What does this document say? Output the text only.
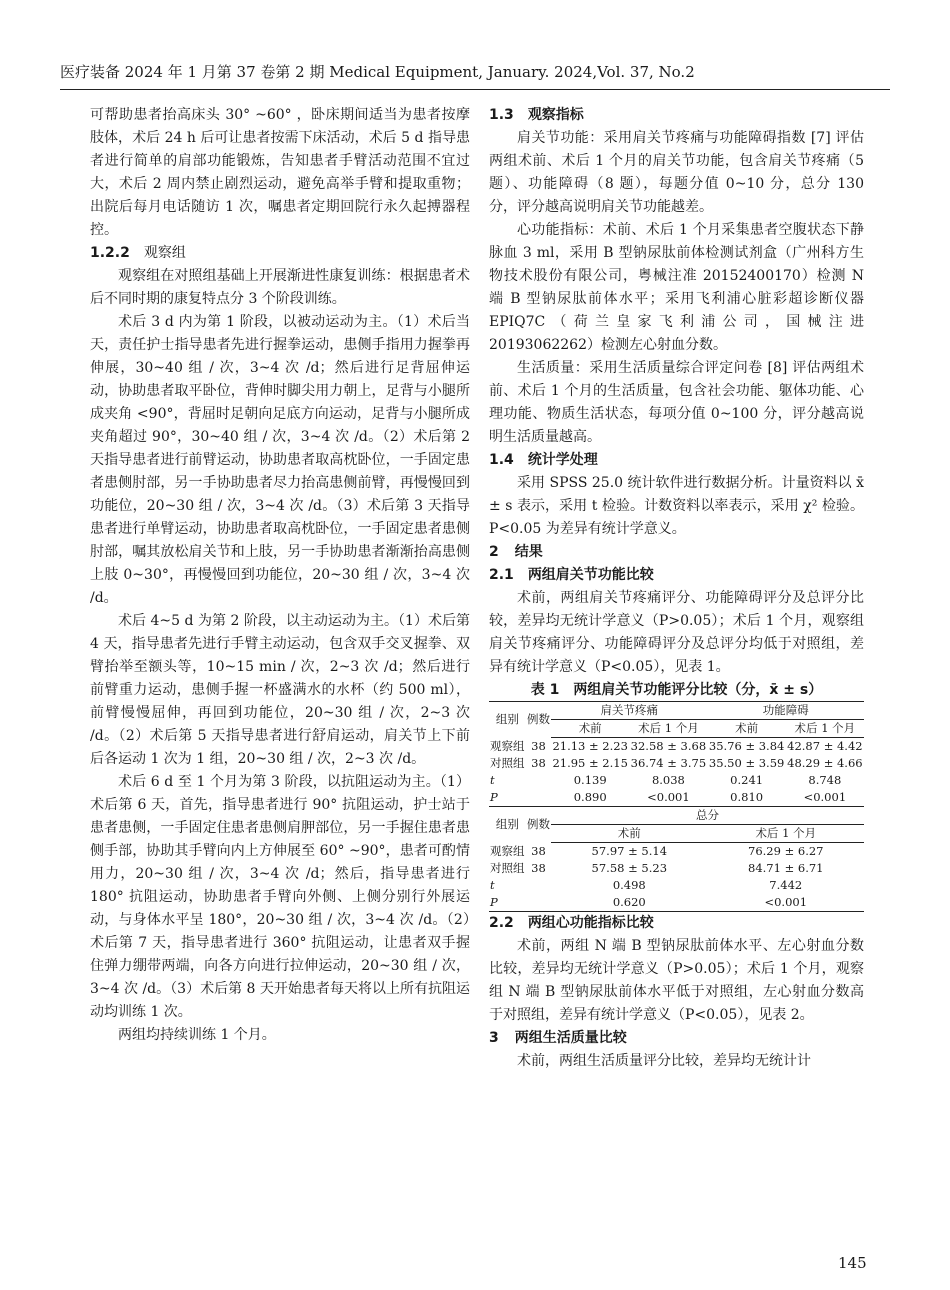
医疗装备 2024 年 1 月第 37 卷第 2 期 Medical Equipment, January. 2024,Vol. 37, No.2

可帮助患者抬高床头 30° ~60° ，卧床期间适当为患者按摩肢体，术后 24 h 后可让患者按需下床活动，术后 5 d 指导患者进行简单的肩部功能锻炼，告知患者手臂活动范围不宜过大，术后 2 周内禁止剧烈运动，避免高举手臂和提取重物；出院后每月电话随访 1 次，嘱患者定期回院行永久起搏器程控。

1.2.2 观察组

观察组在对照组基础上开展渐进性康复训练：根据患者术后不同时期的康复特点分 3 个阶段训练。

术后 3 d 内为第 1 阶段，以被动运动为主。（1）术后当天，责任护士指导患者先进行握拳运动，患侧手指用力握拳再伸展，30~40 组 / 次，3~4 次 /d；然后进行足背屈伸运动，协助患者取平卧位，背伸时脚尖用力朝上，足背与小腿所成夹角 <90°，背屈时足朝向足底方向运动，足背与小腿所成夹角超过 90°，30~40 组 / 次，3~4 次 /d。（2）术后第 2 天指导患者进行前臂运动，协助患者取高枕卧位，一手固定患者患侧肘部，另一手协助患者尽力抬高患侧前臂，再慢慢回到功能位，20~30 组 / 次，3~4 次 /d。（3）术后第 3 天指导患者进行单臂运动，协助患者取高枕卧位，一手固定患者患侧肘部，嘱其放松肩关节和上肢，另一手协助患者渐渐抬高患侧上肢 0~30°，再慢慢回到功能位，20~30 组 / 次，3~4 次 /d。

术后 4~5 d 为第 2 阶段，以主动运动为主。（1）术后第 4 天，指导患者先进行手臂主动运动，包含双手交叉握拳、双臂抬举至额头等，10~15 min / 次，2~3 次 /d；然后进行前臂重力运动，患侧手握一杯盛满水的水杯（约 500 ml），前臂慢慢屈伸，再回到功能位，20~30 组 / 次，2~3 次 /d。（2）术后第 5 天指导患者进行舒肩运动，肩关节上下前后各运动 1 次为 1 组，20~30 组 / 次，2~3 次 /d。

术后 6 d 至 1 个月为第 3 阶段，以抗阻运动为主。（1）术后第 6 天，首先，指导患者进行 90° 抗阻运动，护士站于患者患侧，一手固定住患者患侧肩胛部位，另一手握住患者患侧手部，协助其手臂向内上方伸展至 60° ~90°，患者可酌情用力，20~30 组 / 次，3~4 次 /d；然后，指导患者进行 180° 抗阻运动，协助患者手臂向外侧、上侧分别行外展运动，与身体水平呈 180°，20~30 组 / 次，3~4 次 /d。（2）术后第 7 天，指导患者进行 360° 抗阻运动，让患者双手握住弹力绷带两端，向各方向进行拉伸运动，20~30 组 / 次，3~4 次 /d。（3）术后第 8 天开始患者每天将以上所有抗阻运动均训练 1 次。

两组均持续训练 1 个月。

1.3 观察指标

肩关节功能：采用肩关节疼痛与功能障碍指数 [7] 评估两组术前、术后 1 个月的肩关节功能，包含肩关节疼痛（5 题）、功能障碍（8 题），每题分值 0~10 分，总分 130 分，评分越高说明肩关节功能越差。

心功能指标：术前、术后 1 个月采集患者空腹状态下静脉血 3 ml，采用 B 型钠尿肽前体检测试剂盒（广州科方生物技术股份有限公司，粤械注准 20152400170）检测 N 端 B 型钠尿肽前体水平；采用飞利浦心脏彩超诊断仪器 EPIQ7C（荷兰皇家飞利浦公司，国械注进 20193062262）检测左心射血分数。

生活质量：采用生活质量综合评定问卷 [8] 评估两组术前、术后 1 个月的生活质量，包含社会功能、躯体功能、心理功能、物质生活状态，每项分值 0~100 分，评分越高说明生活质量越高。

1.4 统计学处理

采用 SPSS 25.0 统计软件进行数据分析。计量资料以 x̄ ± s 表示，采用 t 检验。计数资料以率表示，采用 χ² 检验。P<0.05 为差异有统计学意义。

2 结果

2.1 两组肩关节功能比较

术前，两组肩关节疼痛评分、功能障碍评分及总评分比较，差异均无统计学意义（P>0.05）；术后 1 个月，观察组肩关节疼痛评分、功能障碍评分及总评分均低于对照组，差异有统计学意义（P<0.05），见表 1。

表 1 两组肩关节功能评分比较（分，x̄ ± s）

组别	例数	肩关节疼痛		功能障碍	
		术前	术后 1 个月	术前	术后 1 个月
观察组	38	21.13 ± 2.23	32.58 ± 3.68	35.76 ± 3.84	42.87 ± 4.42
对照组	38	21.95 ± 2.15	36.74 ± 3.75	35.50 ± 3.59	48.29 ± 4.66
t		0.139	8.038	0.241	8.748
P		0.890	<0.001	0.810	<0.001
组别	例数	总分			
		术前		术后 1 个月	
观察组	38	57.97 ± 5.14		76.29 ± 6.27	
对照组	38	57.58 ± 5.23		84.71 ± 6.71	
t		0.498		7.442	
P		0.620		<0.001	

2.2 两组心功能指标比较

术前，两组 N 端 B 型钠尿肽前体水平、左心射血分数比较，差异均无统计学意义（P>0.05）；术后 1 个月，观察组 N 端 B 型钠尿肽前体水平低于对照组，左心射血分数高于对照组，差异有统计学意义（P<0.05），见表 2。

3 两组生活质量比较

术前，两组生活质量评分比较，差异均无统计计

145
